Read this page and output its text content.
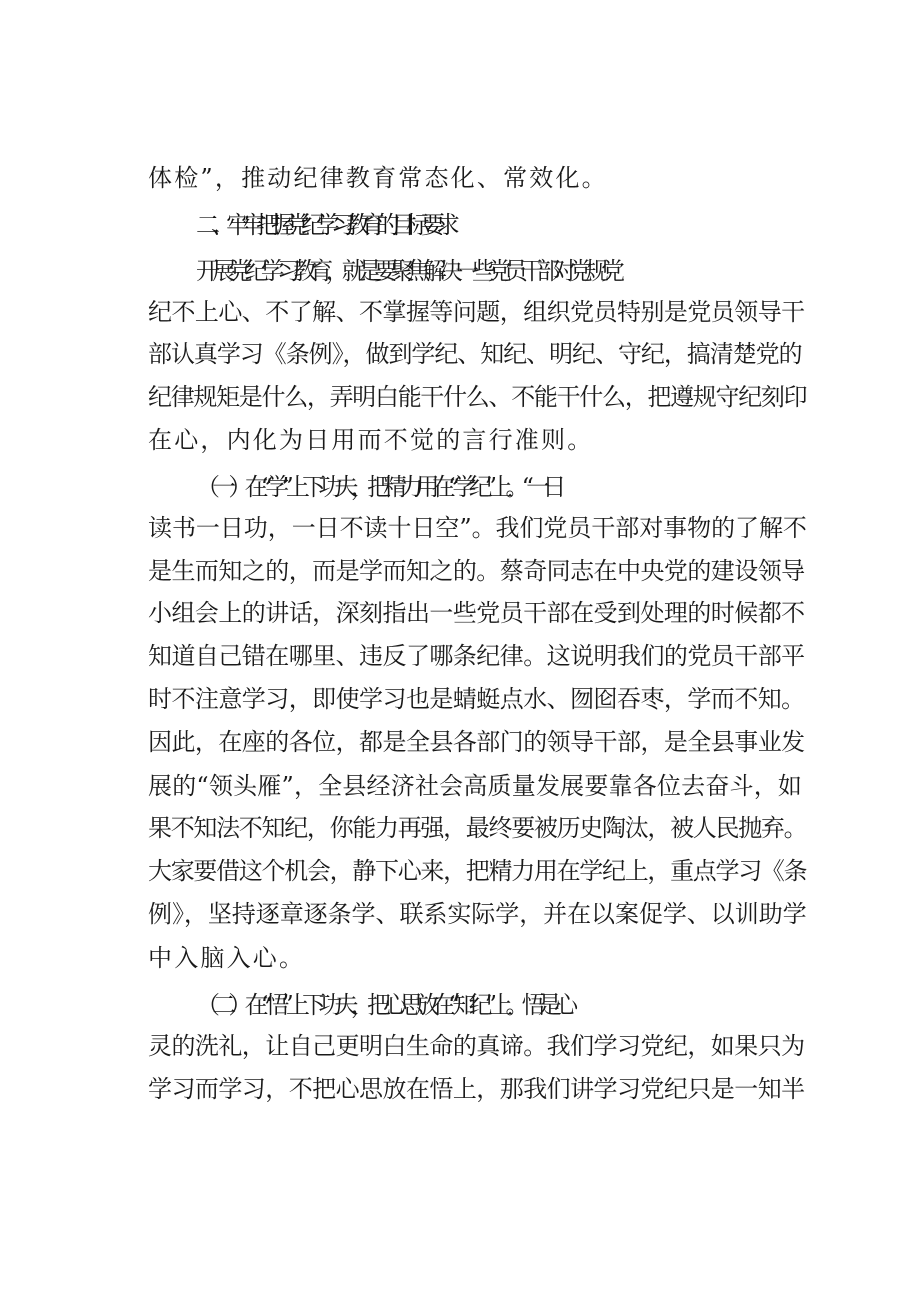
体检”，推动纪律教育常态化、常效化。
二、牢牢把握党纪学习教育的目标要求
开展党纪学习教育，就是要聚焦解决一些党员干部对党规党
纪不上心、不了解、不掌握等问题，组织党员特别是党员领导干
部认真学习《条例》，做到学纪、知纪、明纪、守纪，搞清楚党的
纪律规矩是什么，弄明白能干什么、不能干什么，把遵规守纪刻印
在心，内化为日用而不觉的言行准则。
（一）在“学”上下功夫，把精力用在“学纪”上。“一日
读书一日功，一日不读十日空”。我们党员干部对事物的了解不
是生而知之的，而是学而知之的。蔡奇同志在中央党的建设领导
小组会上的讲话，深刻指出一些党员干部在受到处理的时候都不
知道自己错在哪里、违反了哪条纪律。这说明我们的党员干部平
时不注意学习，即使学习也是蜻蜓点水、囫囵吞枣，学而不知。
因此，在座的各位，都是全县各部门的领导干部，是全县事业发
展的“领头雁”，全县经济社会高质量发展要靠各位去奋斗，如
果不知法不知纪，你能力再强，最终要被历史陶汰，被人民抛弃。
大家要借这个机会，静下心来，把精力用在学纪上，重点学习《条
例》，坚持逐章逐条学、联系实际学，并在以案促学、以训助学
中入脑入心。
（二）在“悟”上下功夫，把心思放在“知纪”上。悟是心
灵的洗礼，让自己更明白生命的真谛。我们学习党纪，如果只为
学习而学习，不把心思放在悟上，那我们讲学习党纪只是一知半
